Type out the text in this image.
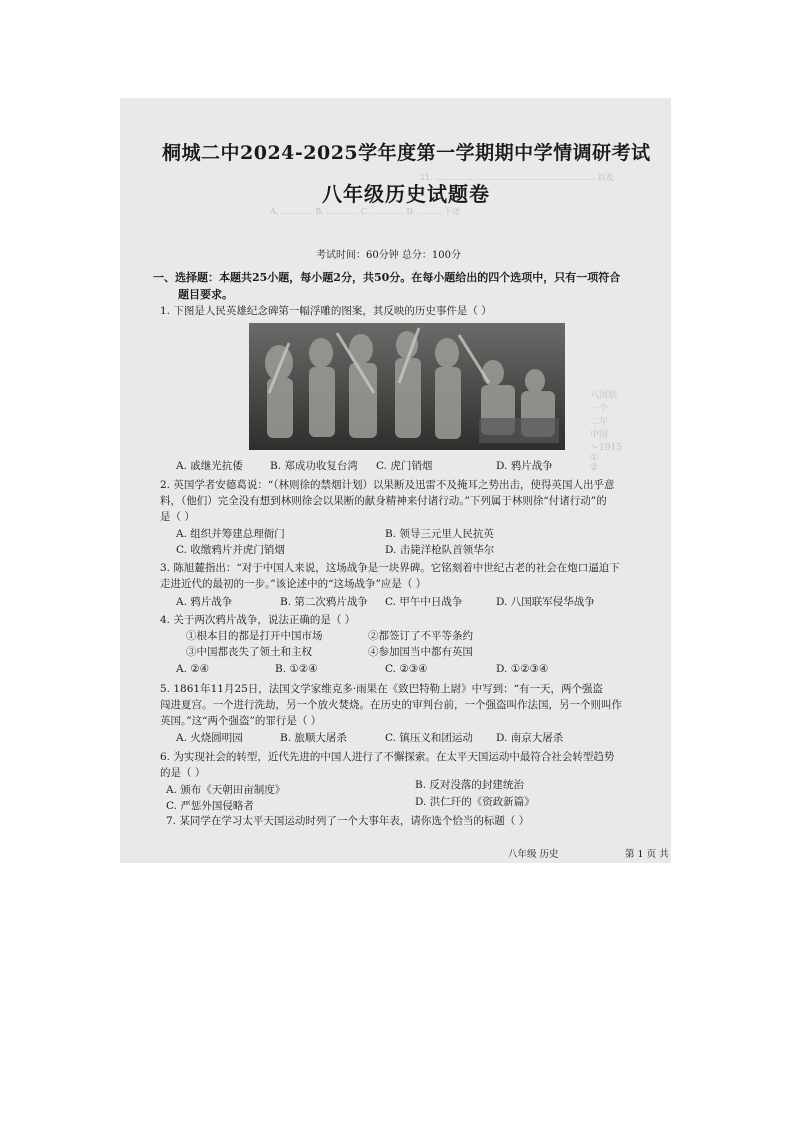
21. …………………………………………………… 以及
A. ………… B. ………… C. ………… D. ……… 下述
八国联
一个
二年
中国
～1915
①
②
桐城二中2024-2025学年度第一学期期中学情调研考试
八年级历史试题卷
考试时间：60分钟 总分：100分
一、选择题：本题共25小题，每小题2分，共50分。在每小题给出的四个选项中，只有一项符合
题目要求。
1. 下图是人民英雄纪念碑第一幅浮雕的图案，其反映的历史事件是（ ）
A. 戚继光抗倭	B. 郑成功收复台湾 C. 虎门销烟	D. 鸦片战争
2. 英国学者安德葛说：“（林则徐的禁烟计划）以果断及迅雷不及掩耳之势出击，使得英国人出乎意
料，（他们）完全没有想到林则徐会以果断的献身精神来付诸行动。”下列属于林则徐“付诸行动”的
是（ ）
A. 组织并筹建总理衙门	B. 领导三元里人民抗英
C. 收缴鸦片并虎门销烟	D. 击毙洋枪队首领华尔
3. 陈旭麓指出：“对于中国人来说，这场战争是一块界碑。它铭刻着中世纪古老的社会在炮口逼迫下
走进近代的最初的一步。”该论述中的“这场战争”应是（ ）
A. 鸦片战争	B. 第二次鸦片战争 C. 甲午中日战争	D. 八国联军侵华战争
4. 关于两次鸦片战争，说法正确的是（ ）
①根本目的都是打开中国市场	②都签订了不平等条约
③中国都丧失了领土和主权	④参加国当中都有英国
A. ②④	B. ①②④	C. ②③④	D. ①②③④
5. 1861年11月25日，法国文学家维克多·雨果在《致巴特勒上尉》中写到：“有一天，两个强盗
闯进夏宫。一个进行洗劫，另一个放火焚烧。在历史的审判台前，一个强盗叫作法国，另一个则叫作
英国。”这“两个强盗”的罪行是（ ）
A. 火烧圆明园	B. 旅顺大屠杀	C. 镇压义和团运动 D. 南京大屠杀
6. 为实现社会的转型，近代先进的中国人进行了不懈探索。在太平天国运动中最符合社会转型趋势
的是（ ）
A. 颁布《天朝田亩制度》	B. 反对没落的封建统治
C. 严惩外国侵略者	D. 洪仁玕的《资政新篇》
7. 某同学在学习太平天国运动时列了一个大事年表，请你选个恰当的标题（ ）
八年级 历史	第 1 页 共
